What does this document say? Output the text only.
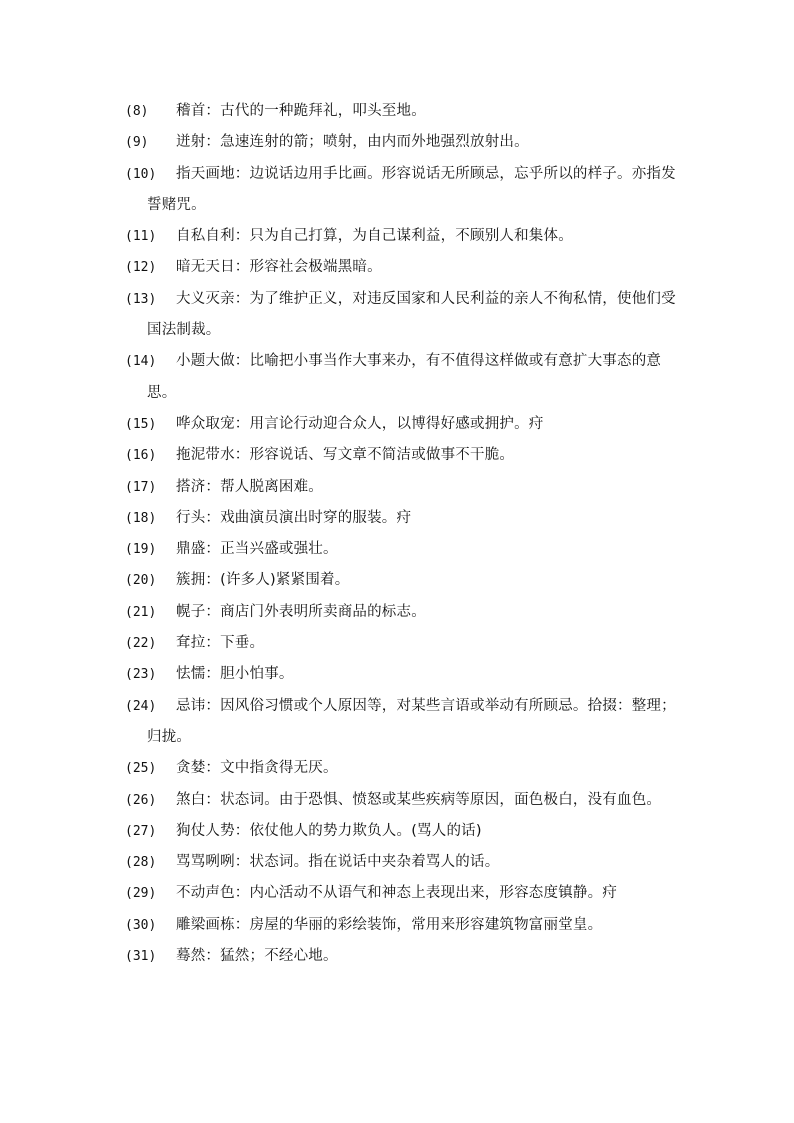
(8) 稽首：古代的一种跪拜礼，叩头至地。
(9) 迸射：急速连射的箭；喷射，由内而外地强烈放射出。
(10) 指天画地：边说话边用手比画。形容说话无所顾忌，忘乎所以的样子。亦指发誓赌咒。
(11) 自私自利：只为自己打算，为自己谋利益，不顾别人和集体。
(12) 暗无天日：形容社会极端黑暗。
(13) 大义灭亲：为了维护正义，对违反国家和人民利益的亲人不徇私情，使他们受国法制裁。
(14) 小题大做：比喻把小事当作大事来办，有不值得这样做或有意扩大事态的意思。
(15) 哗众取宠：用言论行动迎合众人，以博得好感或拥护。疛
(16) 拖泥带水：形容说话、写文章不简洁或做事不干脆。
(17) 搭济：帮人脱离困难。
(18) 行头：戏曲演员演出时穿的服装。疛
(19) 鼎盛：正当兴盛或强壮。
(20) 簇拥：(许多人)紧紧围着。
(21) 幌子：商店门外表明所卖商品的标志。
(22) 耷拉：下垂。
(23) 怯懦：胆小怕事。
(24) 忌讳：因风俗习惯或个人原因等，对某些言语或举动有所顾忌。拾掇：整理；归拢。
(25) 贪婪：文中指贪得无厌。
(26) 煞白：状态词。由于恐惧、愤怒或某些疾病等原因，面色极白，没有血色。
(27) 狗仗人势：依仗他人的势力欺负人。(骂人的话)
(28) 骂骂咧咧：状态词。指在说话中夹杂着骂人的话。
(29) 不动声色：内心活动不从语气和神态上表现出来，形容态度镇静。疛
(30) 雕梁画栋：房屋的华丽的彩绘装饰，常用来形容建筑物富丽堂皇。
(31) 蓦然：猛然；不经心地。
